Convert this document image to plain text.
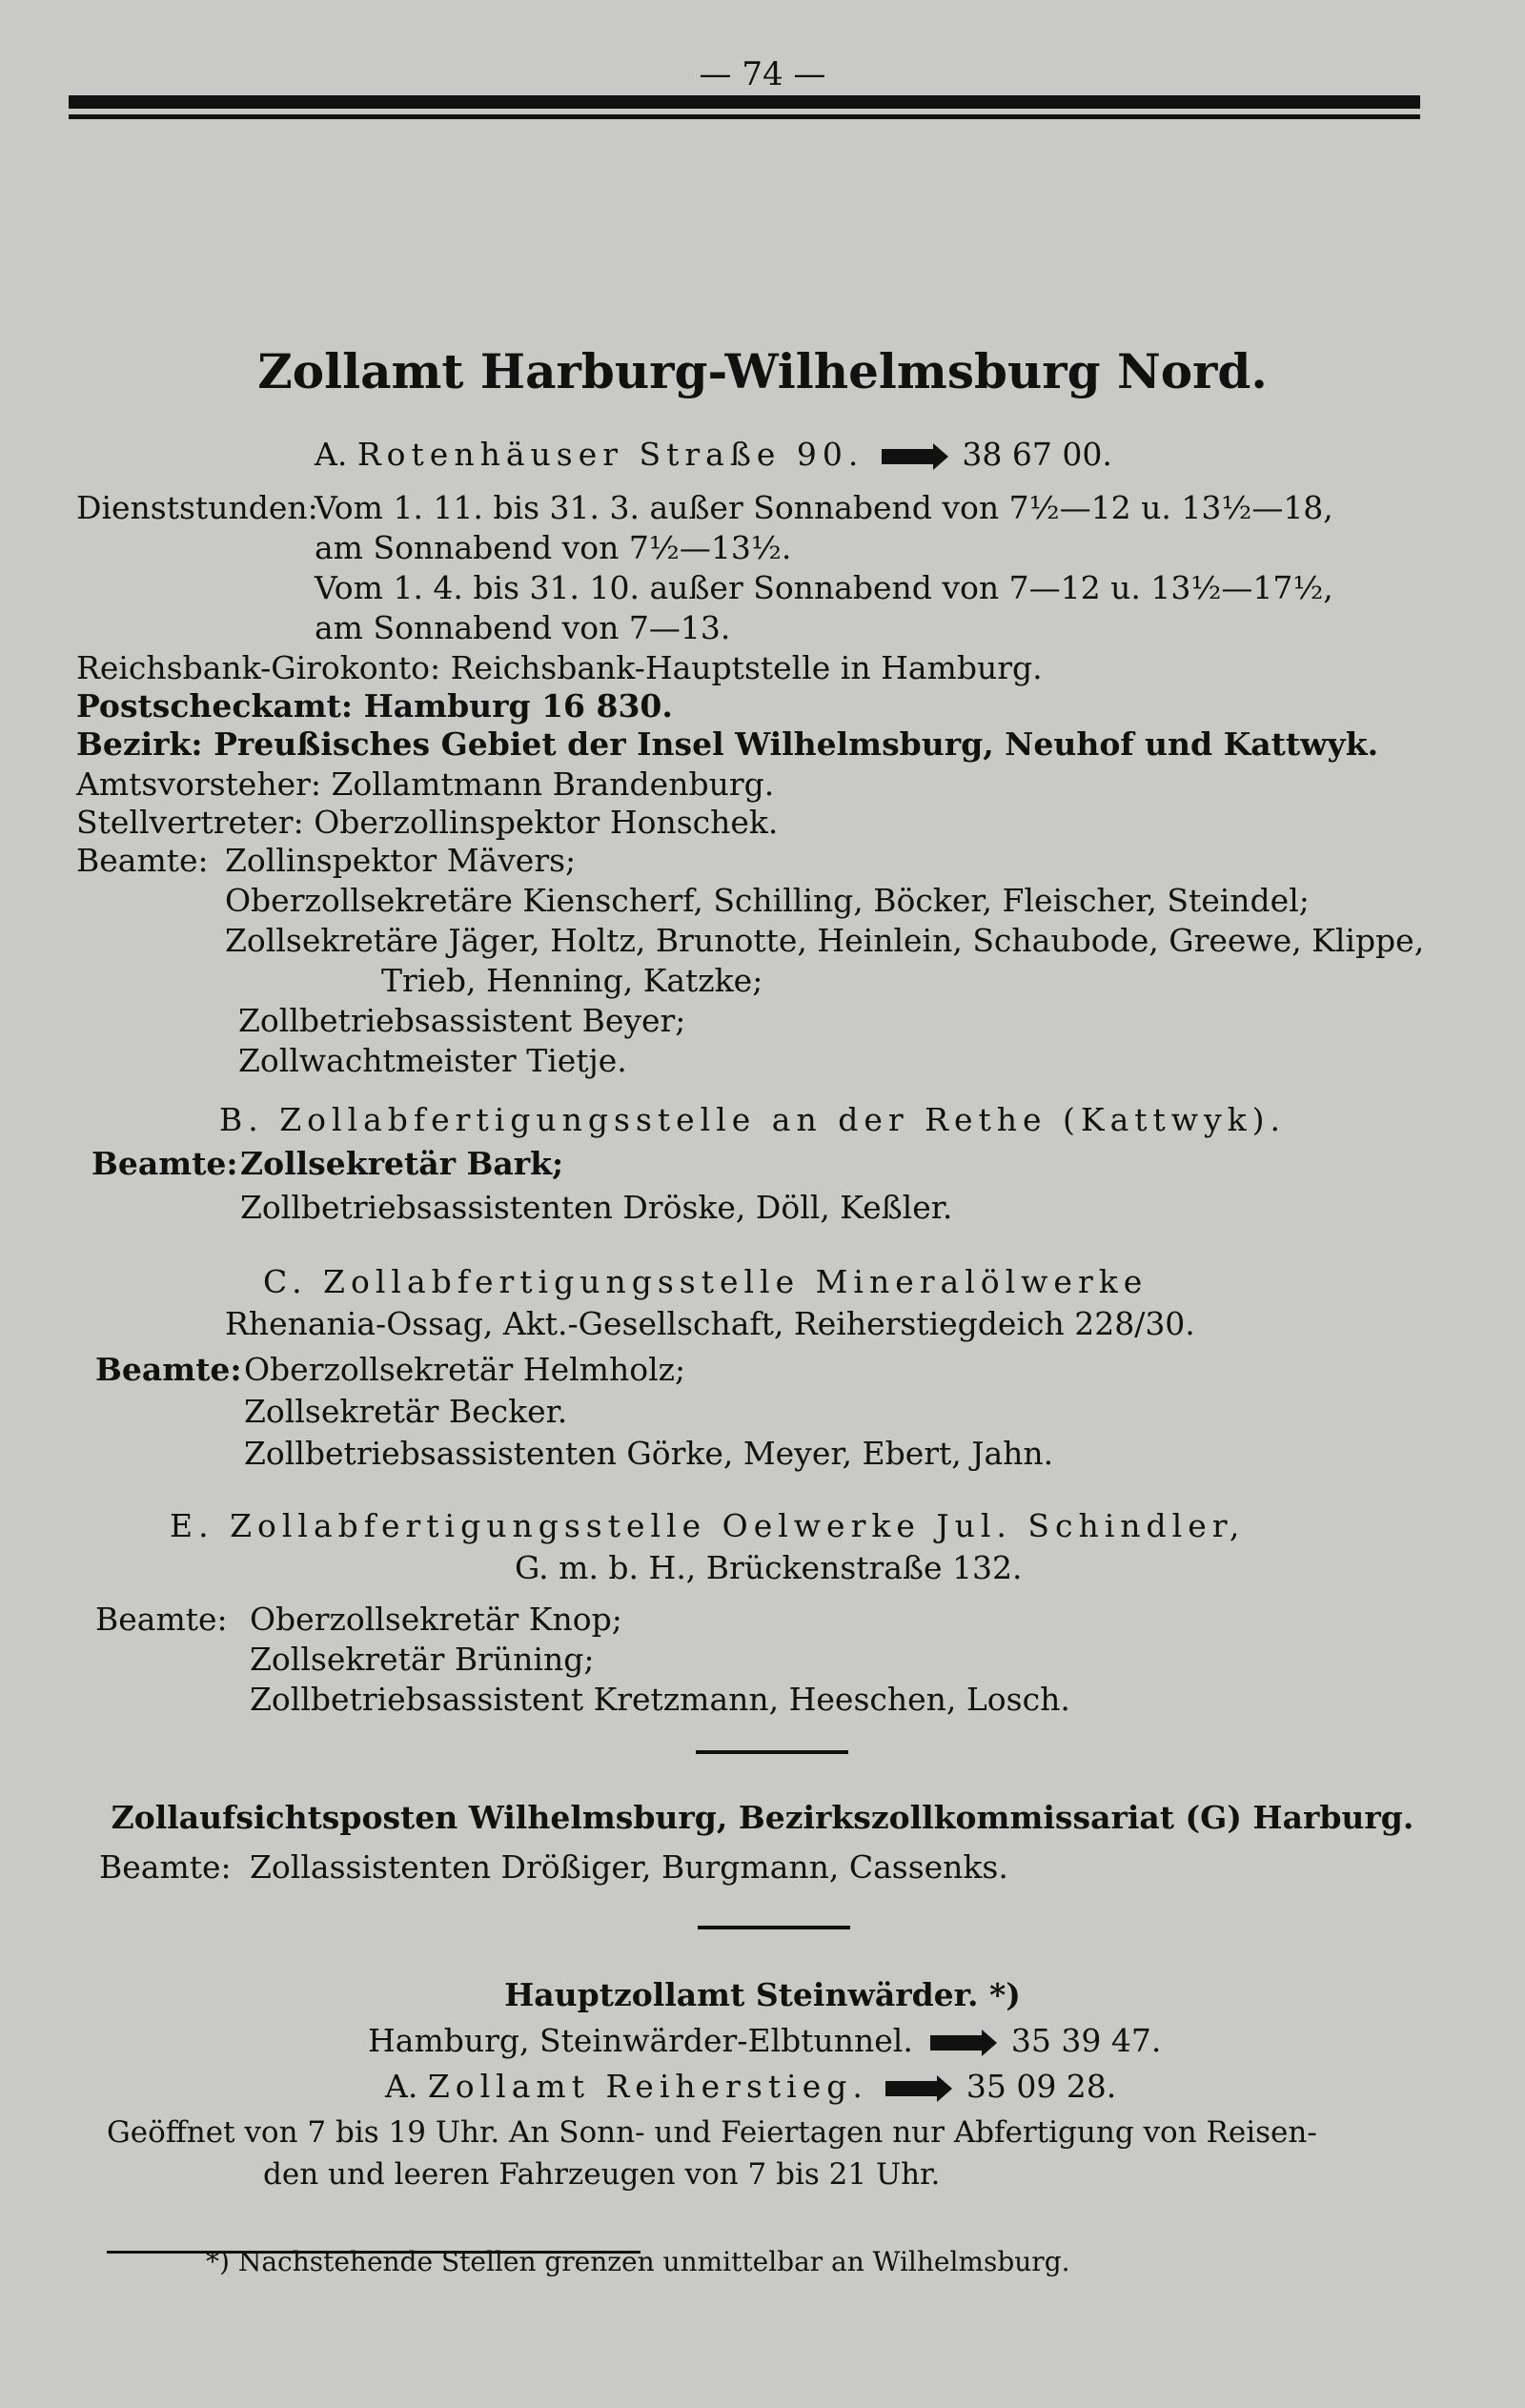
— 74 —
Zollamt Harburg-Wilhelmsburg Nord.
A. Rotenhäuser Straße 90.	38 67 00.
Dienststunden:
Vom 1. 11. bis 31. 3. außer Sonnabend von 7½—12 u. 13½—18,
am Sonnabend von 7½—13½.
Vom 1. 4. bis 31. 10. außer Sonnabend von 7—12 u. 13½—17½,
am Sonnabend von 7—13.
Reichsbank-Girokonto: Reichsbank-Hauptstelle in Hamburg.
Postscheckamt: Hamburg 16 830.
Bezirk: Preußisches Gebiet der Insel Wilhelmsburg, Neuhof und Kattwyk.
Amtsvorsteher: Zollamtmann Brandenburg.
Stellvertreter: Oberzollinspektor Honschek.
Beamte: Zollinspektor Mävers;
Oberzollsekretäre Kienscherf, Schilling, Böcker, Fleischer, Steindel;
Zollsekretäre Jäger, Holtz, Brunotte, Heinlein, Schaubode, Greewe, Klippe,
Trieb, Henning, Katzke;
Zollbetriebsassistent Beyer;
Zollwachtmeister Tietje.
B. Zollabfertigungsstelle an der Rethe (Kattwyk).
Beamte: Zollsekretär Bark;
Zollbetriebsassistenten Dröske, Döll, Keßler.
C. Zollabfertigungsstelle Mineralölwerke
Rhenania-Ossag, Akt.-Gesellschaft, Reiherstiegdeich 228/30.
Beamte: Oberzollsekretär Helmholz;
Zollsekretär Becker.
Zollbetriebsassistenten Görke, Meyer, Ebert, Jahn.
E. Zollabfertigungsstelle Oelwerke Jul. Schindler,
G. m. b. H., Brückenstraße 132.
Beamte: Oberzollsekretär Knop;
Zollsekretär Brüning;
Zollbetriebsassistent Kretzmann, Heeschen, Losch.
Zollaufsichtsposten Wilhelmsburg, Bezirkszollkommissariat (G) Harburg.
Beamte: Zollassistenten Drößiger, Burgmann, Cassenks.
Hauptzollamt Steinwärder. *)
Hamburg, Steinwärder-Elbtunnel.	35 39 47.
A. Zollamt Reiherstieg.	35 09 28.
Geöffnet von 7 bis 19 Uhr. An Sonn- und Feiertagen nur Abfertigung von Reisen-
den und leeren Fahrzeugen von 7 bis 21 Uhr.
*) Nachstehende Stellen grenzen unmittelbar an Wilhelmsburg.
